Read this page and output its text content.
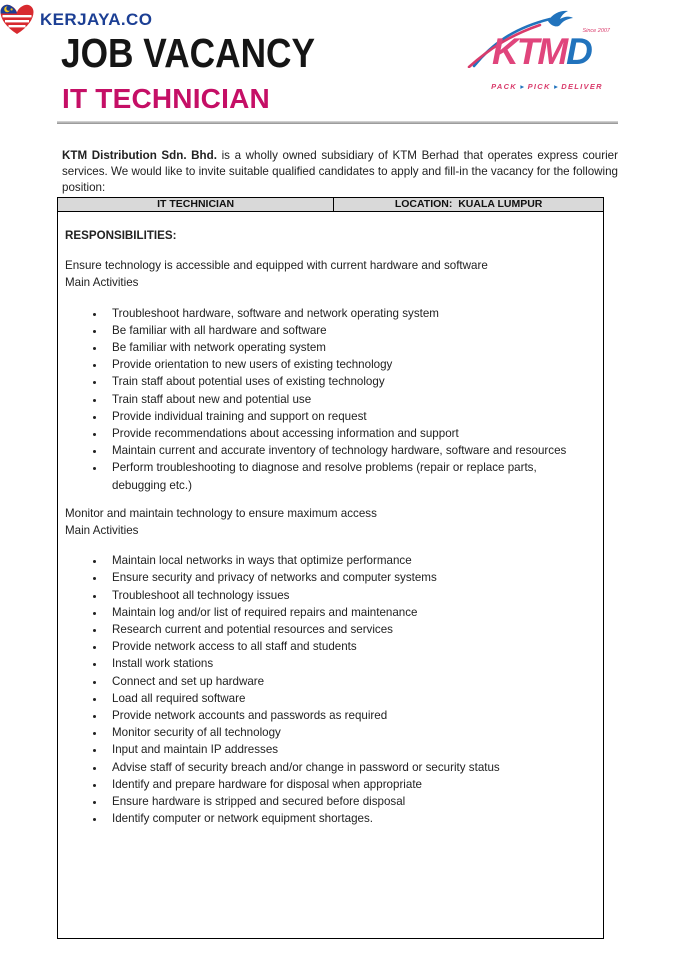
KERJAYA.CO
JOB VACANCY
IT TECHNICIAN
KTMD
Since 2007
PACK ▸ PICK ▸ DELIVER

KTM Distribution Sdn. Bhd. is a wholly owned subsidiary of KTM Berhad that operates express courier services. We would like to invite suitable qualified candidates to apply and fill-in the vacancy for the following position:

IT TECHNICIAN	LOCATION:  KUALA LUMPUR

RESPONSIBILITIES:

Ensure technology is accessible and equipped with current hardware and software

Main Activities

• Troubleshoot hardware, software and network operating system
• Be familiar with all hardware and software
• Be familiar with network operating system
• Provide orientation to new users of existing technology
• Train staff about potential uses of existing technology
• Train staff about new and potential use
• Provide individual training and support on request
• Provide recommendations about accessing information and support
• Maintain current and accurate inventory of technology hardware, software and resources
• Perform troubleshooting to diagnose and resolve problems (repair or replace parts, debugging etc.)

Monitor and maintain technology to ensure maximum access

Main Activities

• Maintain local networks in ways that optimize performance
• Ensure security and privacy of networks and computer systems
• Troubleshoot all technology issues
• Maintain log and/or list of required repairs and maintenance
• Research current and potential resources and services
• Provide network access to all staff and students
• Install work stations
• Connect and set up hardware
• Load all required software
• Provide network accounts and passwords as required
• Monitor security of all technology
• Input and maintain IP addresses
• Advise staff of security breach and/or change in password or security status
• Identify and prepare hardware for disposal when appropriate
• Ensure hardware is stripped and secured before disposal
• Identify computer or network equipment shortages.
